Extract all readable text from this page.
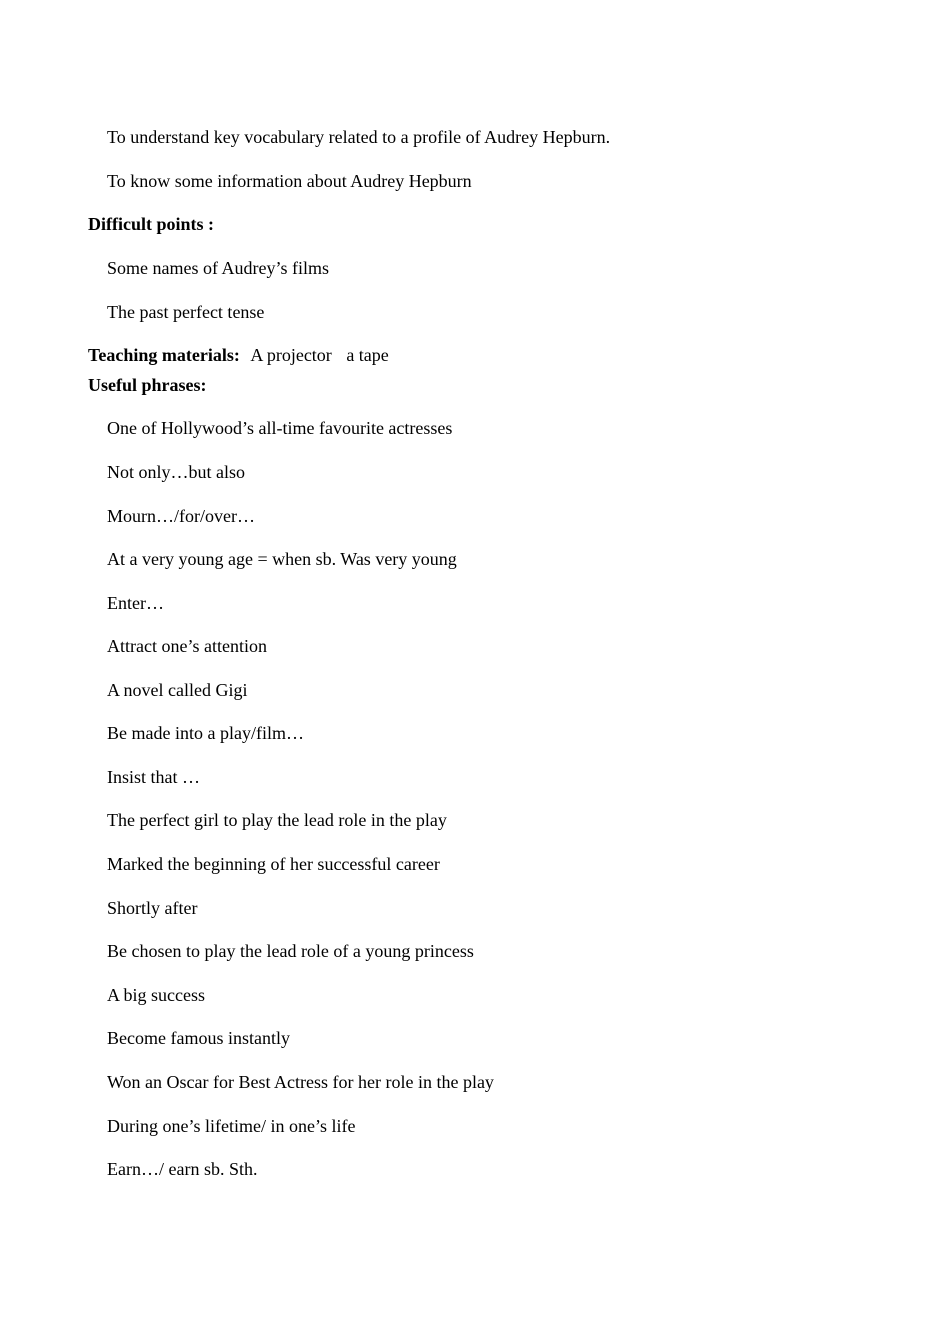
To understand key vocabulary related to a profile of Audrey Hepburn.
To know some information about Audrey Hepburn
Difficult points :
Some names of Audrey’s films
The past perfect tense
Teaching materials: A projector a tape
Useful phrases:
One of Hollywood’s all-time favourite actresses
Not only…but also
Mourn…/for/over…
At a very young age = when sb. Was very young
Enter…
Attract one’s attention
A novel called Gigi
Be made into a play/film…
Insist that …
The perfect girl to play the lead role in the play
Marked the beginning of her successful career
Shortly after
Be chosen to play the lead role of a young princess
A big success
Become famous instantly
Won an Oscar for Best Actress for her role in the play
During one’s lifetime/ in one’s life
Earn…/ earn sb. Sth.
